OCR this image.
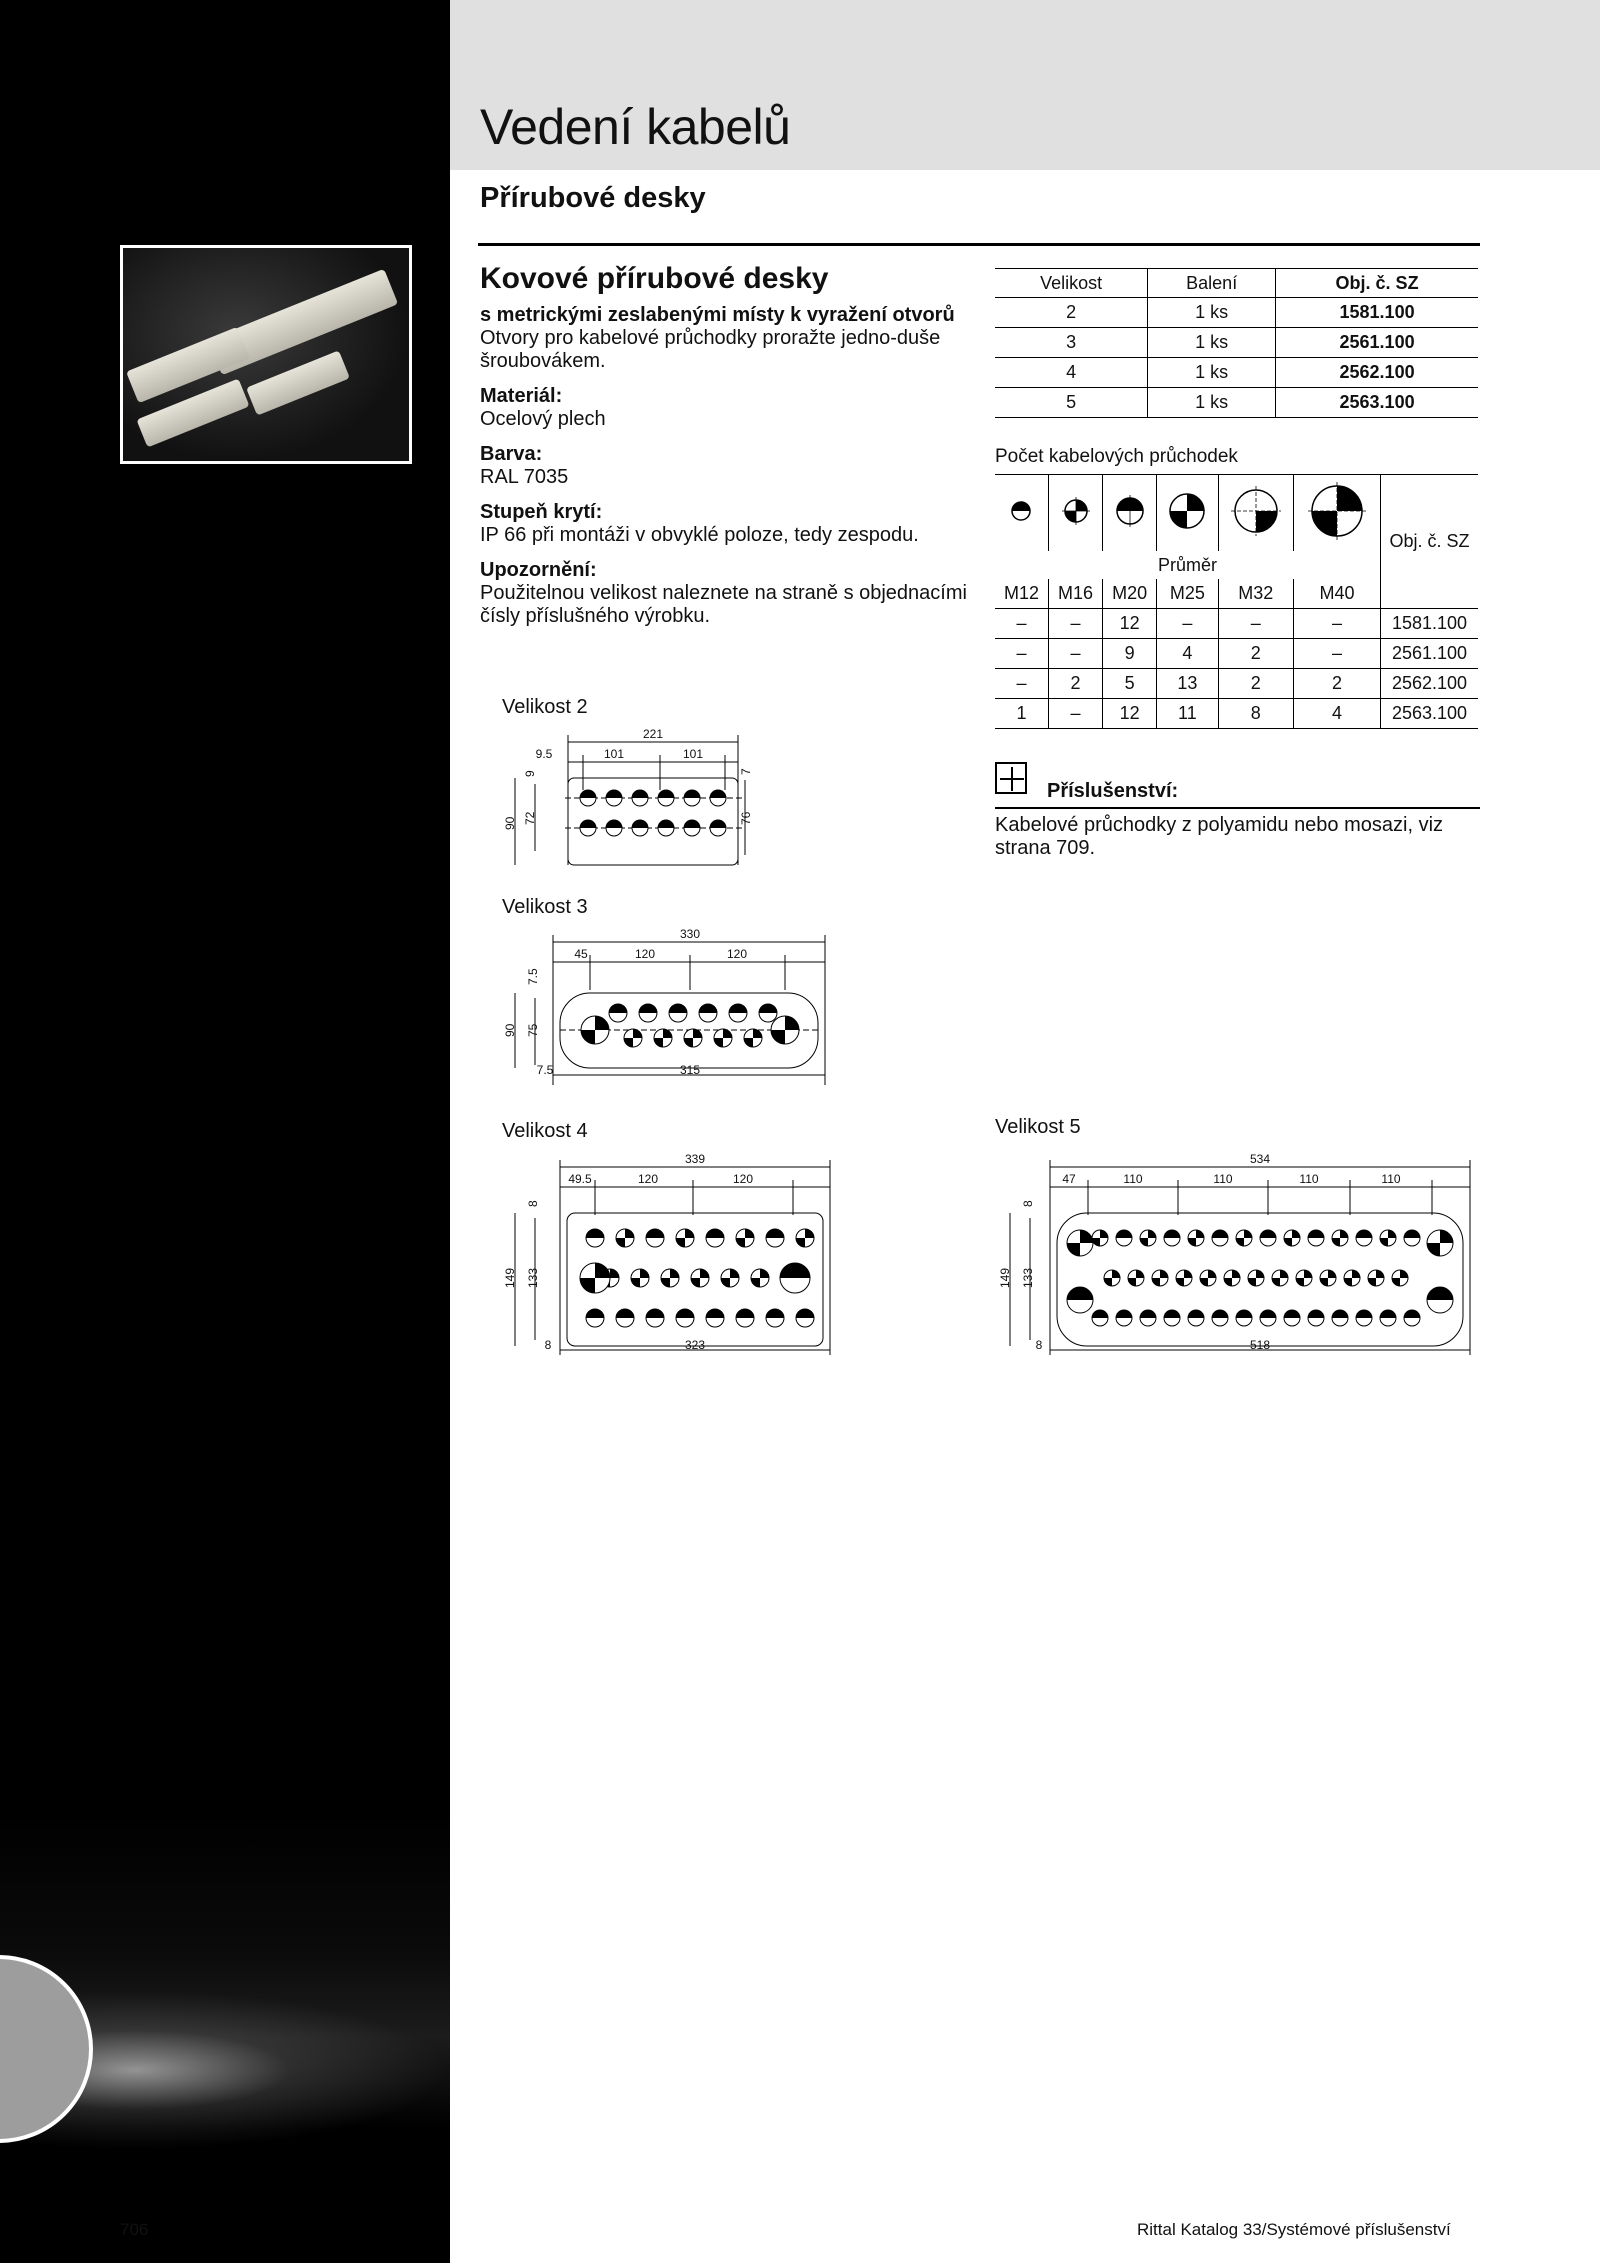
Vedení kabelů
Přírubové desky
Kovové přírubové desky

s metrickými zeslabenými místy k vyražení otvorů

Otvory pro kabelové průchodky proražte jedno-duše šroubovákem.

Materiál:

Ocelový plech

Barva:

RAL 7035

Stupeň krytí:

IP 66 při montáži v obvyklé poloze, tedy zespodu.

Upozornění:

Použitelnou velikost naleznete na straně s objednacími čísly příslušného výrobku.

Velikost	Balení	Obj. č. SZ
2	1 ks	1581.100
3	1 ks	2561.100
4	1 ks	2562.100
5	1 ks	2563.100
Počet kabelových průchodek
						Obj. č. SZ
Průměr						
M12	M16	M20	M25	M32	M40	
–	–	12	–	–	–	1581.100
–	–	9	4	2	–	2561.100
–	2	5	13	2	2	2562.100
1	–	12	11	8	4	2563.100
Příslušenství:
Kabelové průchodky z polyamidu nebo mosazi, viz strana 709.
Velikost 2
221
9.5	101	101
9	7
90 72	76
Velikost 3
330
45	120	120
7.5
90 75
7.5	315
Velikost 4
339
49.5	120	120
8
149 133
8	323
Velikost 5
534
47	110	110	110	110
8
149 133
8	518
706	Rittal Katalog 33/Systémové příslušenství
